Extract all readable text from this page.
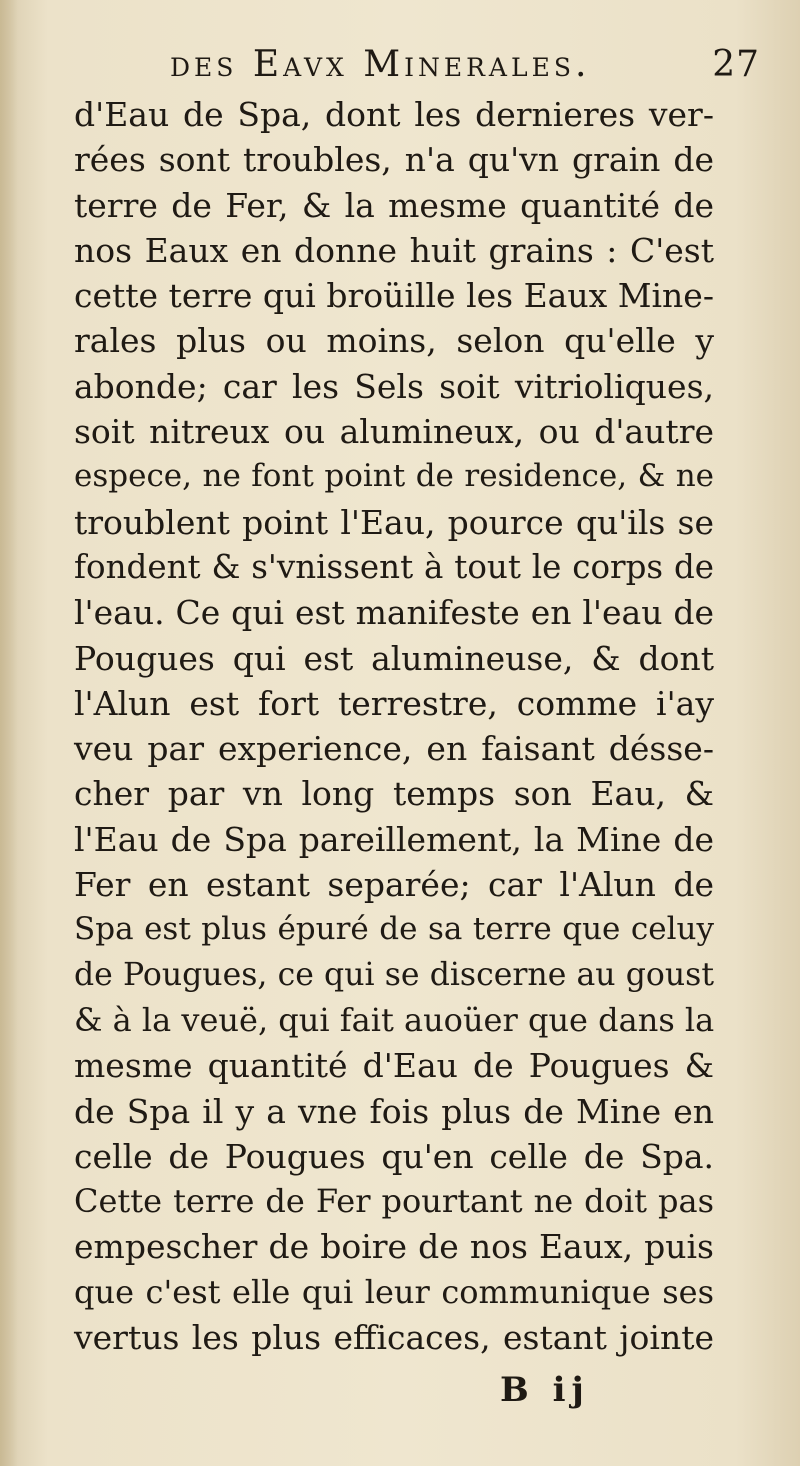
des Eavx Minerales.	27
d'Eau de Spa, dont les dernieres ver-
rées sont troubles, n'a qu'vn grain de
terre de Fer, & la mesme quantité de
nos Eaux en donne huit grains : C'est
cette terre qui broüille les Eaux Mine-
rales plus ou moins, selon qu'elle y
abonde; car les Sels soit vitrioliques,
soit nitreux ou alumineux, ou d'autre
espece, ne font point de residence, & ne
troublent point l'Eau, pource qu'ils se
fondent & s'vnissent à tout le corps de
l'eau. Ce qui est manifeste en l'eau de
Pougues qui est alumineuse, & dont
l'Alun est fort terrestre, comme i'ay
veu par experience, en faisant désse-
cher par vn long temps son Eau, &
l'Eau de Spa pareillement, la Mine de
Fer en estant separée; car l'Alun de
Spa est plus épuré de sa terre que celuy
de Pougues, ce qui se discerne au goust
& à la veuë, qui fait auoüer que dans la
mesme quantité d'Eau de Pougues &
de Spa il y a vne fois plus de Mine en
celle de Pougues qu'en celle de Spa.
Cette terre de Fer pourtant ne doit pas
empescher de boire de nos Eaux, puis
que c'est elle qui leur communique ses
vertus les plus efficaces, estant jointe
B ij
